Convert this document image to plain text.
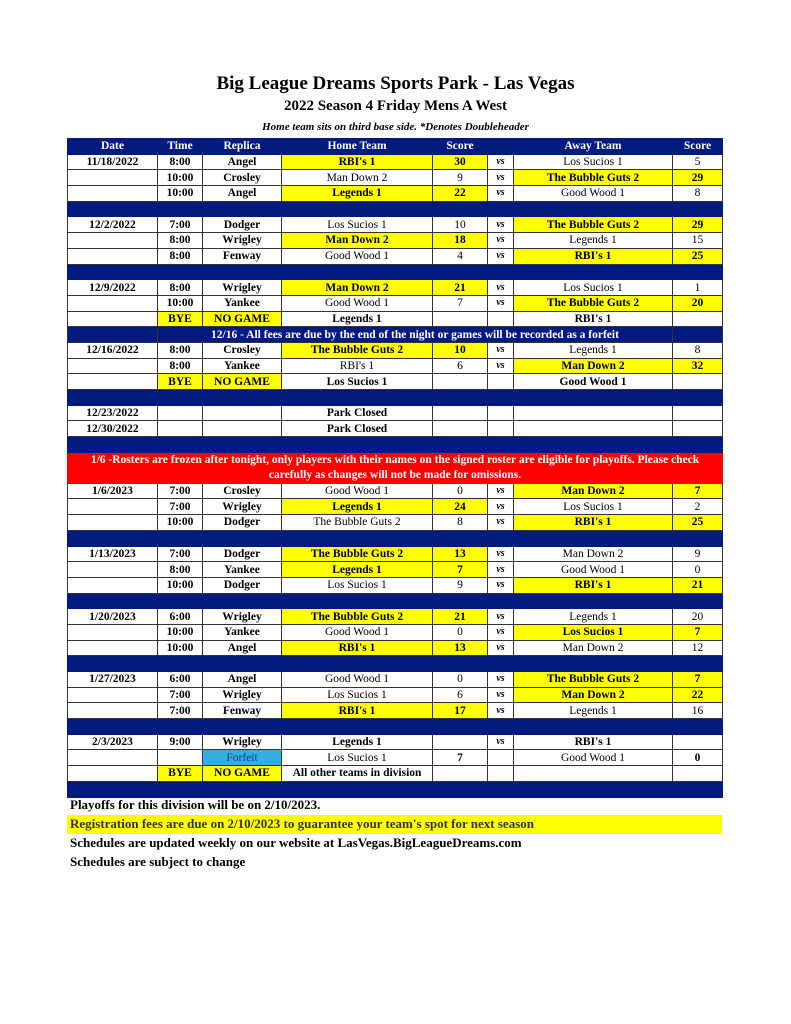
Big League Dreams Sports Park - Las Vegas
2022 Season 4 Friday Mens A West
Home team sits on third base side. *Denotes Doubleheader
Date	Time	Replica	Home Team	Score		Away Team	Score
11/18/2022	8:00	Angel	RBI's 1	30	vs	Los Sucios 1	5
	10:00	Crosley	Man Down 2	9	vs	The Bubble Guts 2	29
	10:00	Angel	Legends 1	22	vs	Good Wood 1	8

12/2/2022	7:00	Dodger	Los Sucios 1	10	vs	The Bubble Guts 2	29
	8:00	Wrigley	Man Down 2	18	vs	Legends 1	15
	8:00	Fenway	Good Wood 1	4	vs	RBI's 1	25

12/9/2022	8:00	Wrigley	Man Down 2	21	vs	Los Sucios 1	1
	10:00	Yankee	Good Wood 1	7	vs	The Bubble Guts 2	20
	BYE	NO GAME	Legends 1			RBI's 1	
	12/16 - All fees are due by the end of the night or games will be recorded as a forfeit						
12/16/2022	8:00	Crosley	The Bubble Guts 2	10	vs	Legends 1	8
	8:00	Yankee	RBI's 1	6	vs	Man Down 2	32
	BYE	NO GAME	Los Sucios 1			Good Wood 1	

12/23/2022			Park Closed				
12/30/2022			Park Closed				

1/6 -Rosters are frozen after tonight, only players with their names on the signed roster are eligible for playoffs. Please check carefully as changes will not be made for omissions.							
1/6/2023	7:00	Crosley	Good Wood 1	0	vs	Man Down 2	7
	7:00	Wrigley	Legends 1	24	vs	Los Sucios 1	2
	10:00	Dodger	The Bubble Guts 2	8	vs	RBI's 1	25

1/13/2023	7:00	Dodger	The Bubble Guts 2	13	vs	Man Down 2	9
	8:00	Yankee	Legends 1	7	vs	Good Wood 1	0
	10:00	Dodger	Los Sucios 1	9	vs	RBI's 1	21

1/20/2023	6:00	Wrigley	The Bubble Guts 2	21	vs	Legends 1	20
	10:00	Yankee	Good Wood 1	0	vs	Los Sucios 1	7
	10:00	Angel	RBI's 1	13	vs	Man Down 2	12

1/27/2023	6:00	Angel	Good Wood 1	0	vs	The Bubble Guts 2	7
	7:00	Wrigley	Los Sucios 1	6	vs	Man Down 2	22
	7:00	Fenway	RBI's 1	17	vs	Legends 1	16

2/3/2023	9:00	Wrigley	Legends 1		vs	RBI's 1	
		Forfeit	Los Sucios 1	7		Good Wood 1	0
	BYE	NO GAME	All other teams in division				

Playoffs for this division will be on 2/10/2023.
Registration fees are due on 2/10/2023 to guarantee your team's spot for next season
Schedules are updated weekly on our website at LasVegas.BigLeagueDreams.com
Schedules are subject to change
